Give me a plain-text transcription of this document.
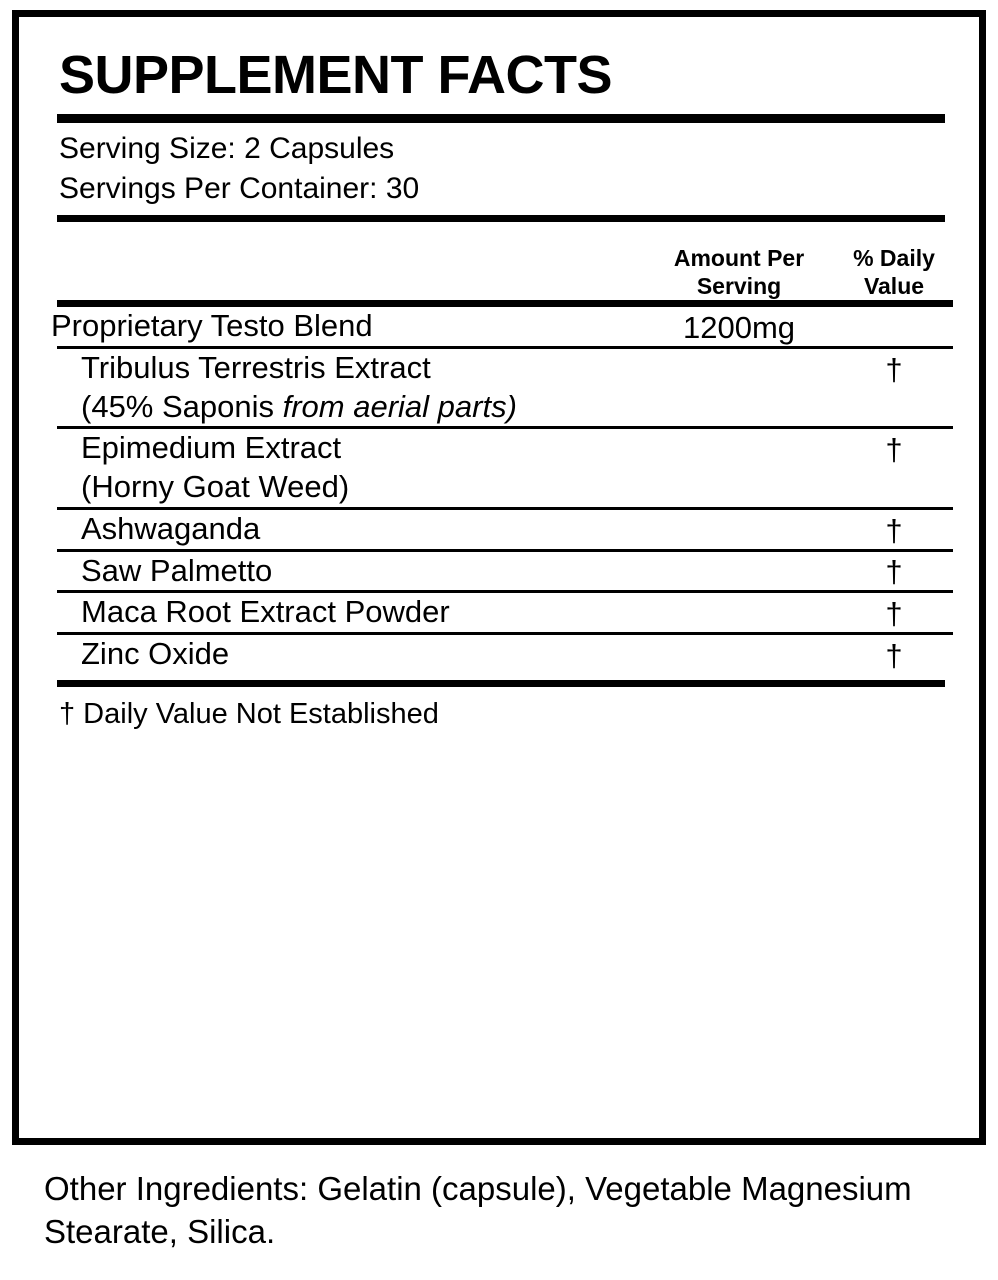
SUPPLEMENT FACTS
Serving Size: 2 Capsules
Servings Per Container: 30

Amount Per
Serving

% Daily
Value

Proprietary Testo Blend	1200mg	

Tribulus Terrestris Extract		†
(45% Saponis from aerial parts)		

Epimedium Extract		†
(Horny Goat Weed)		

Ashwaganda		†

Saw Palmetto		†

Maca Root Extract Powder		†

Zinc Oxide		†
† Daily Value Not Established
Other Ingredients: Gelatin (capsule), Vegetable Magnesium Stearate, Silica.
